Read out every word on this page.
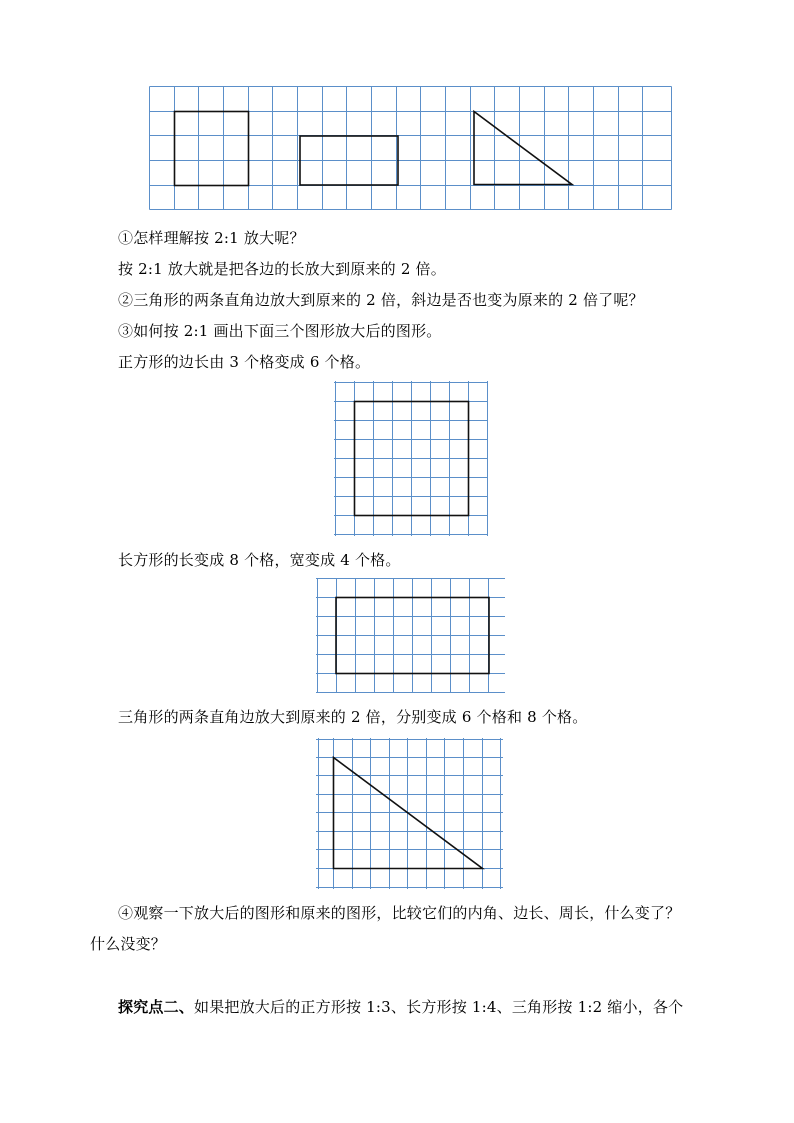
①怎样理解按 2:1 放大呢？
按 2:1 放大就是把各边的长放大到原来的 2 倍。
②三角形的两条直角边放大到原来的 2 倍，斜边是否也变为原来的 2 倍了呢？
③如何按 2:1 画出下面三个图形放大后的图形。
正方形的边长由 3 个格变成 6 个格。
长方形的长变成 8 个格，宽变成 4 个格。
三角形的两条直角边放大到原来的 2 倍，分别变成 6 个格和 8 个格。
④观察一下放大后的图形和原来的图形，比较它们的内角、边长、周长，什么变了？
什么没变？
探究点二、如果把放大后的正方形按 1:3、长方形按 1:4、三角形按 1:2 缩小，各个
